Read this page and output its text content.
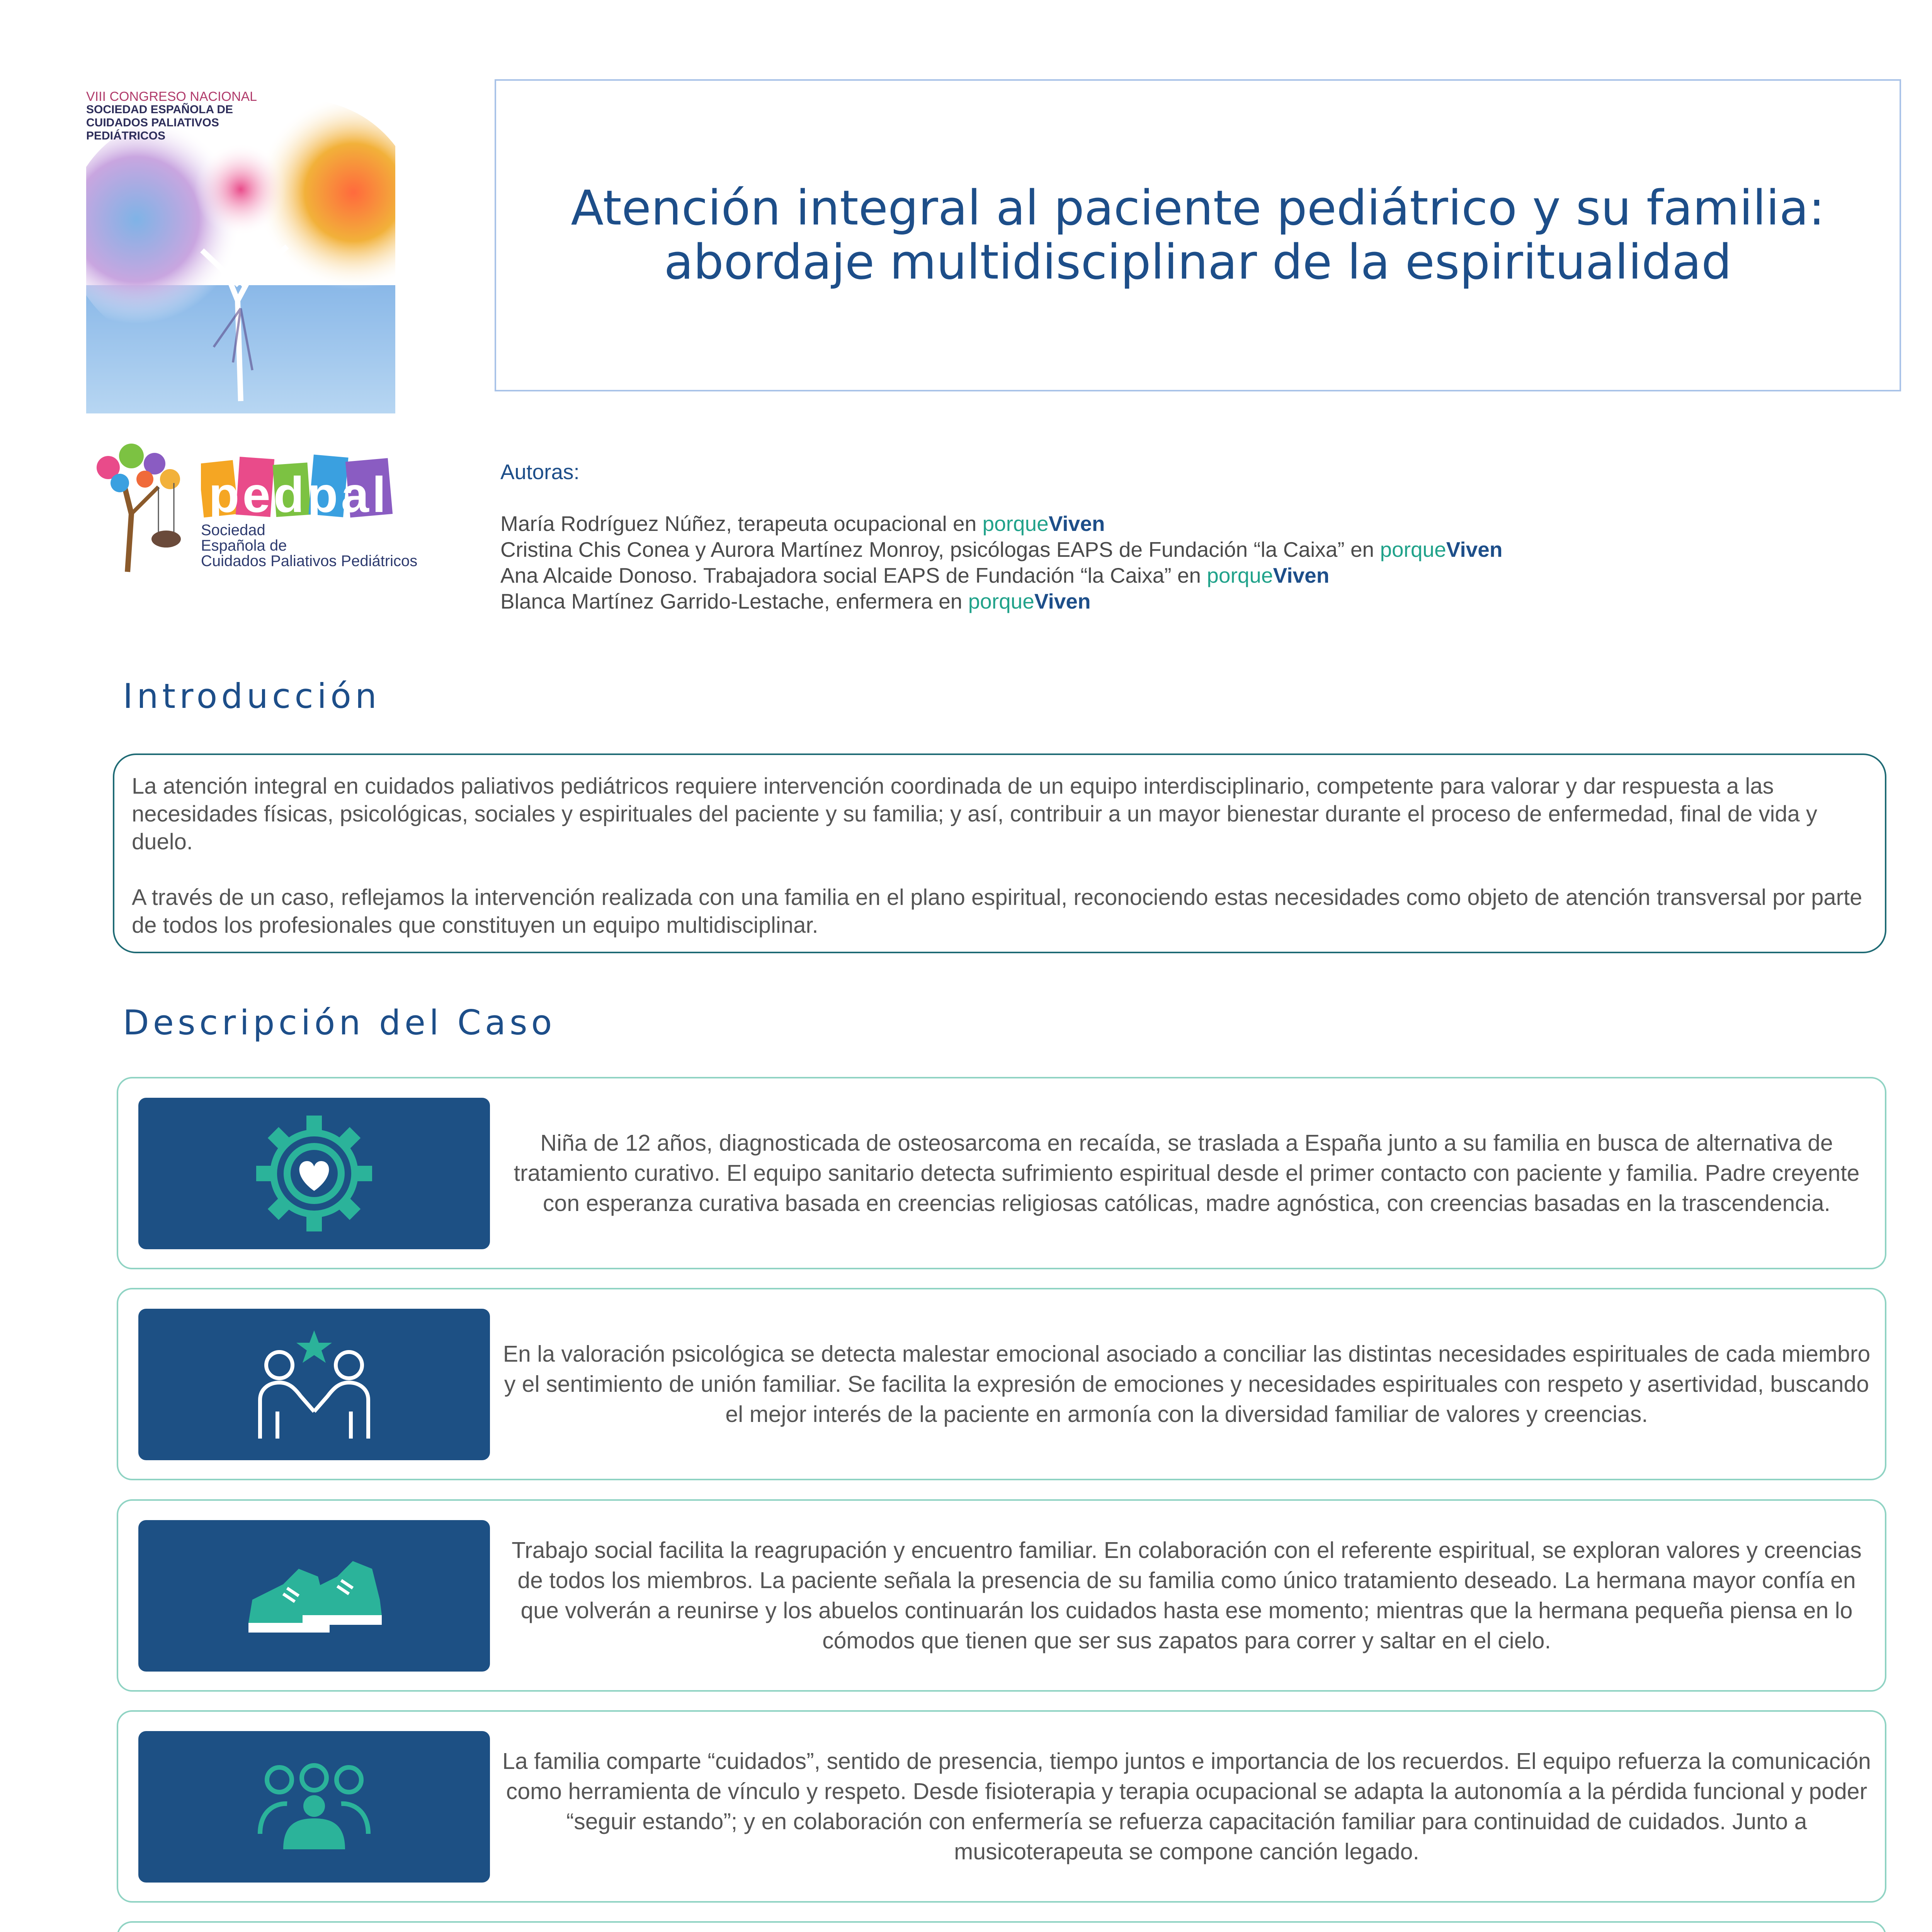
VIII CONGRESO NACIONAL
SOCIEDAD ESPAÑOLA DE
CUIDADOS PALIATIVOS
PEDIÁTRICOS
pedpal
Sociedad
Española de
Cuidados Paliativos Pediátricos
Atención integral al paciente pediátrico y su familia:
abordaje multidisciplinar de la espiritualidad
Autoras:
María Rodríguez Núñez, terapeuta ocupacional en porqueViven
Cristina Chis Conea y Aurora Martínez Monroy, psicólogas EAPS de Fundación “la Caixa” en porqueViven
Ana Alcaide Donoso. Trabajadora social EAPS de Fundación “la Caixa” en porqueViven
Blanca Martínez Garrido-Lestache, enfermera en porqueViven
Introducción

La atención integral en cuidados paliativos pediátricos requiere intervención coordinada de un equipo interdisciplinario, competente para valorar y dar respuesta a las necesidades físicas, psicológicas, sociales y espirituales del paciente y su familia; y así, contribuir a un mayor bienestar durante el proceso de enfermedad, final de vida y duelo.

A través de un caso, reflejamos la intervención realizada con una familia en el plano espiritual, reconociendo estas necesidades como objeto de atención transversal por parte de todos los profesionales que constituyen un equipo multidisciplinar.

Descripción del Caso
Niña de 12 años, diagnosticada de osteosarcoma en recaída, se traslada a España junto a su familia en busca de alternativa de tratamiento curativo. El equipo sanitario detecta sufrimiento espiritual desde el primer contacto con paciente y familia. Padre creyente con esperanza curativa basada en creencias religiosas católicas, madre agnóstica, con creencias basadas en la trascendencia.
En la valoración psicológica se detecta malestar emocional asociado a conciliar las distintas necesidades espirituales de cada miembro y el sentimiento de unión familiar. Se facilita la expresión de emociones y necesidades espirituales con respeto y asertividad, buscando el mejor interés de la paciente en armonía con la diversidad familiar de valores y creencias.
Trabajo social facilita la reagrupación y encuentro familiar. En colaboración con el referente espiritual, se exploran valores y creencias de todos los miembros. La paciente señala la presencia de su familia como único tratamiento deseado. La hermana mayor confía en que volverán a reunirse y los abuelos continuarán los cuidados hasta ese momento; mientras que la hermana pequeña piensa en lo cómodos que tienen que ser sus zapatos para correr y saltar en el cielo.
La familia comparte “cuidados”, sentido de presencia, tiempo juntos e importancia de los recuerdos. El equipo refuerza la comunicación como herramienta de vínculo y respeto. Desde fisioterapia y terapia ocupacional se adapta la autonomía a la pérdida funcional y poder “seguir estando”; y en colaboración con enfermería se refuerza capacitación familiar para continuidad de cuidados. Junto a musicoterapeuta se compone canción legado.
